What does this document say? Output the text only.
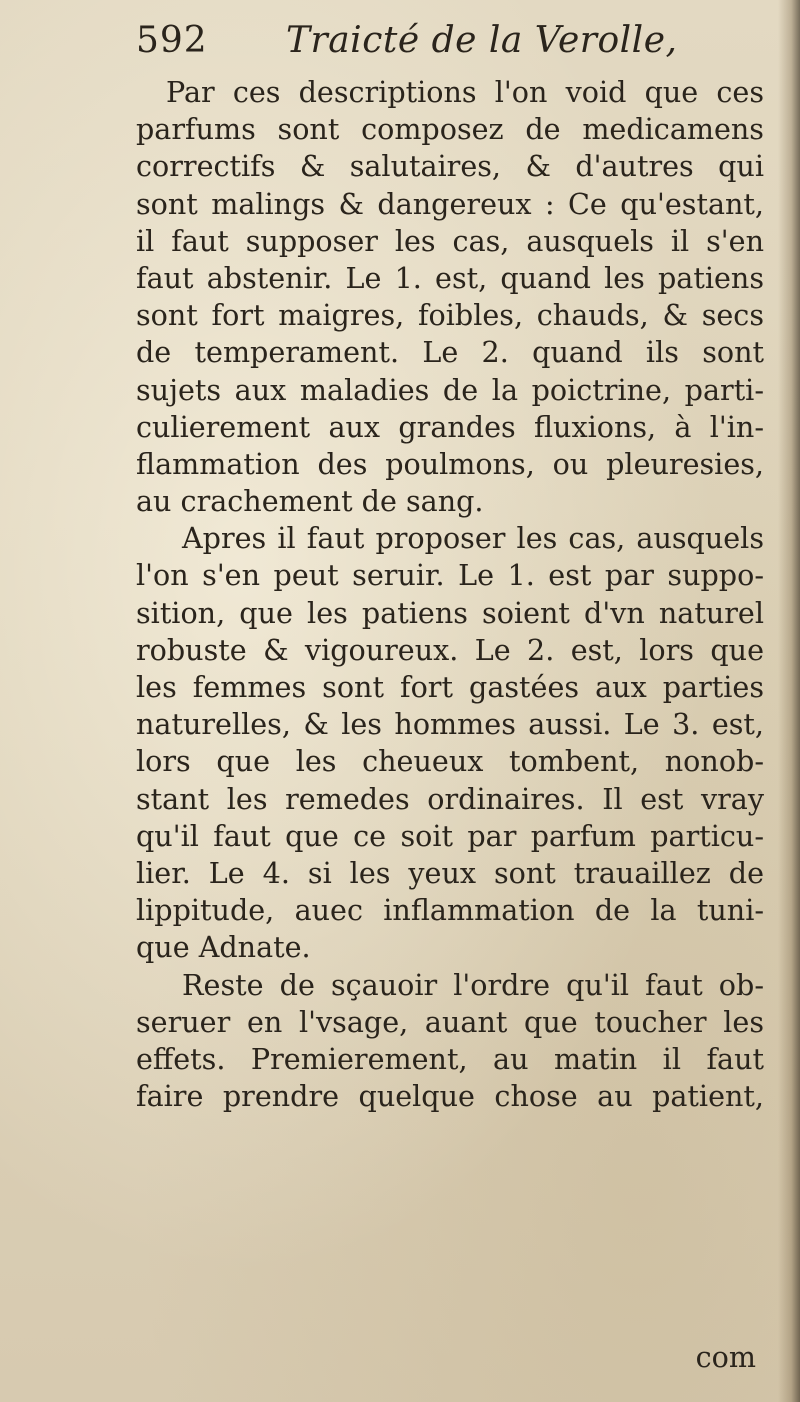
592 Traicté de la Verolle,
Par ces descriptions l'on void que ces
parfums sont composez de medicamens
correctifs & salutaires, & d'autres qui
sont malings & dangereux : Ce qu'estant,
il faut supposer les cas, ausquels il s'en
faut abstenir. Le 1. est, quand les patiens
sont fort maigres, foibles, chauds, & secs
de temperament. Le 2. quand ils sont
sujets aux maladies de la poictrine, parti-
culierement aux grandes fluxions, à l'in-
flammation des poulmons, ou pleuresies,
au crachement de sang.
Apres il faut proposer les cas, ausquels
l'on s'en peut seruir. Le 1. est par suppo-
sition, que les patiens soient d'vn naturel
robuste & vigoureux. Le 2. est, lors que
les femmes sont fort gastées aux parties
naturelles, & les hommes aussi. Le 3. est,
lors que les cheueux tombent, nonob-
stant les remedes ordinaires. Il est vray
qu'il faut que ce soit par parfum particu-
lier. Le 4. si les yeux sont trauaillez de
lippitude, auec inflammation de la tuni-
que Adnate.
Reste de sçauoir l'ordre qu'il faut ob-
seruer en l'vsage, auant que toucher les
effets. Premierement, au matin il faut
faire prendre quelque chose au patient,
com
